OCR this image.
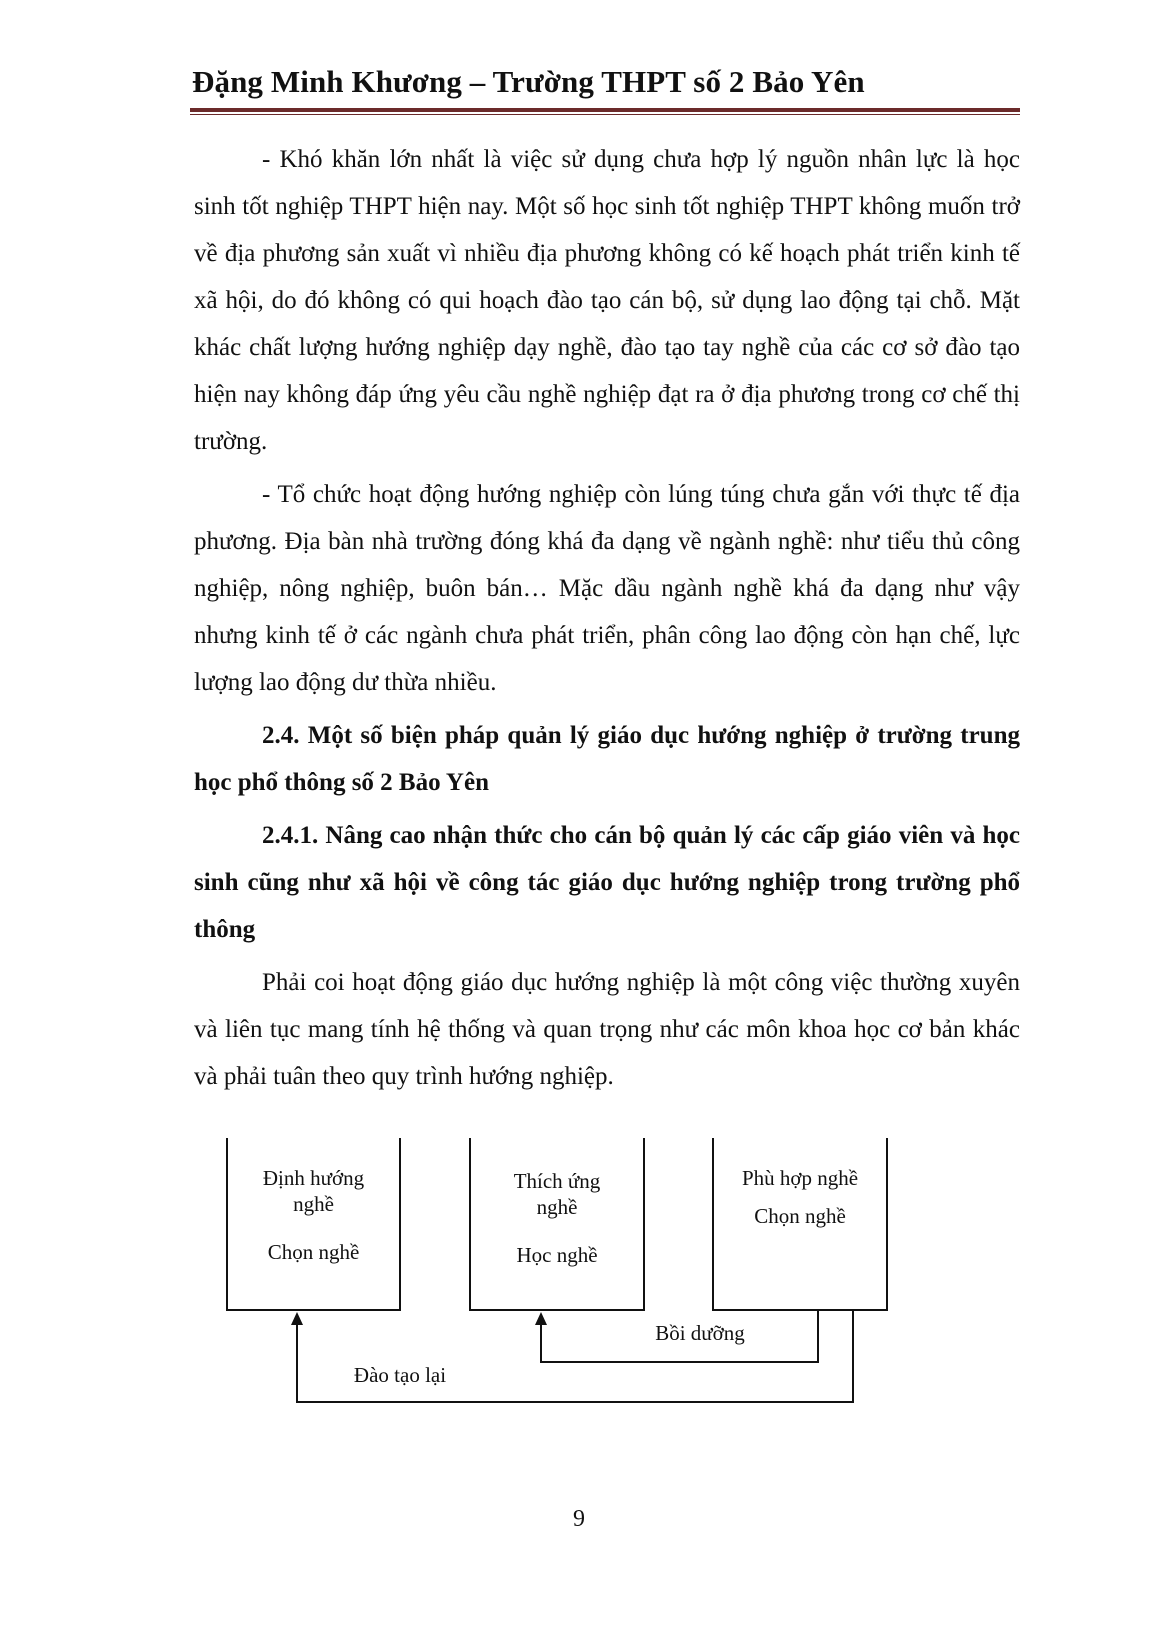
Đặng Minh Khương – Trường THPT số 2 Bảo Yên

- Khó khăn lớn nhất là việc sử dụng chưa hợp lý nguồn nhân lực là học sinh tốt nghiệp THPT hiện nay. Một số học sinh tốt nghiệp THPT không muốn trở về địa phương sản xuất vì nhiều địa phương không có kế hoạch phát triển kinh tế xã hội, do đó không có qui hoạch đào tạo cán bộ, sử dụng lao động tại chỗ. Mặt khác chất lượng hướng nghiệp dạy nghề, đào tạo tay nghề của các cơ sở đào tạo hiện nay không đáp ứng yêu cầu nghề nghiệp đạt ra ở địa phương trong cơ chế thị trường.

- Tổ chức hoạt động hướng nghiệp còn lúng túng chưa gắn với thực tế địa phương. Địa bàn nhà trường đóng khá đa dạng về ngành nghề: như tiểu thủ công nghiệp, nông nghiệp, buôn bán… Mặc dầu ngành nghề khá đa dạng như vậy nhưng kinh tế ở các ngành chưa phát triển, phân công lao động còn hạn chế, lực lượng lao động dư thừa nhiều.

2.4. Một số biện pháp quản lý giáo dục hướng nghiệp ở trường trung học phổ thông số 2 Bảo Yên

2.4.1. Nâng cao nhận thức cho cán bộ quản lý các cấp giáo viên và học sinh cũng như xã hội về công tác giáo dục hướng nghiệp trong trường phổ thông

Phải coi hoạt động giáo dục hướng nghiệp là một công việc thường xuyên và liên tục mang tính hệ thống và quan trọng như các môn khoa học cơ bản khác và phải tuân theo quy trình hướng nghiệp.

Định hướng
nghề
Chọn nghề
Thích ứng
nghề
Học nghề
Phù hợp nghề
Chọn nghề
Bồi dưỡng
Đào tạo lại
9
